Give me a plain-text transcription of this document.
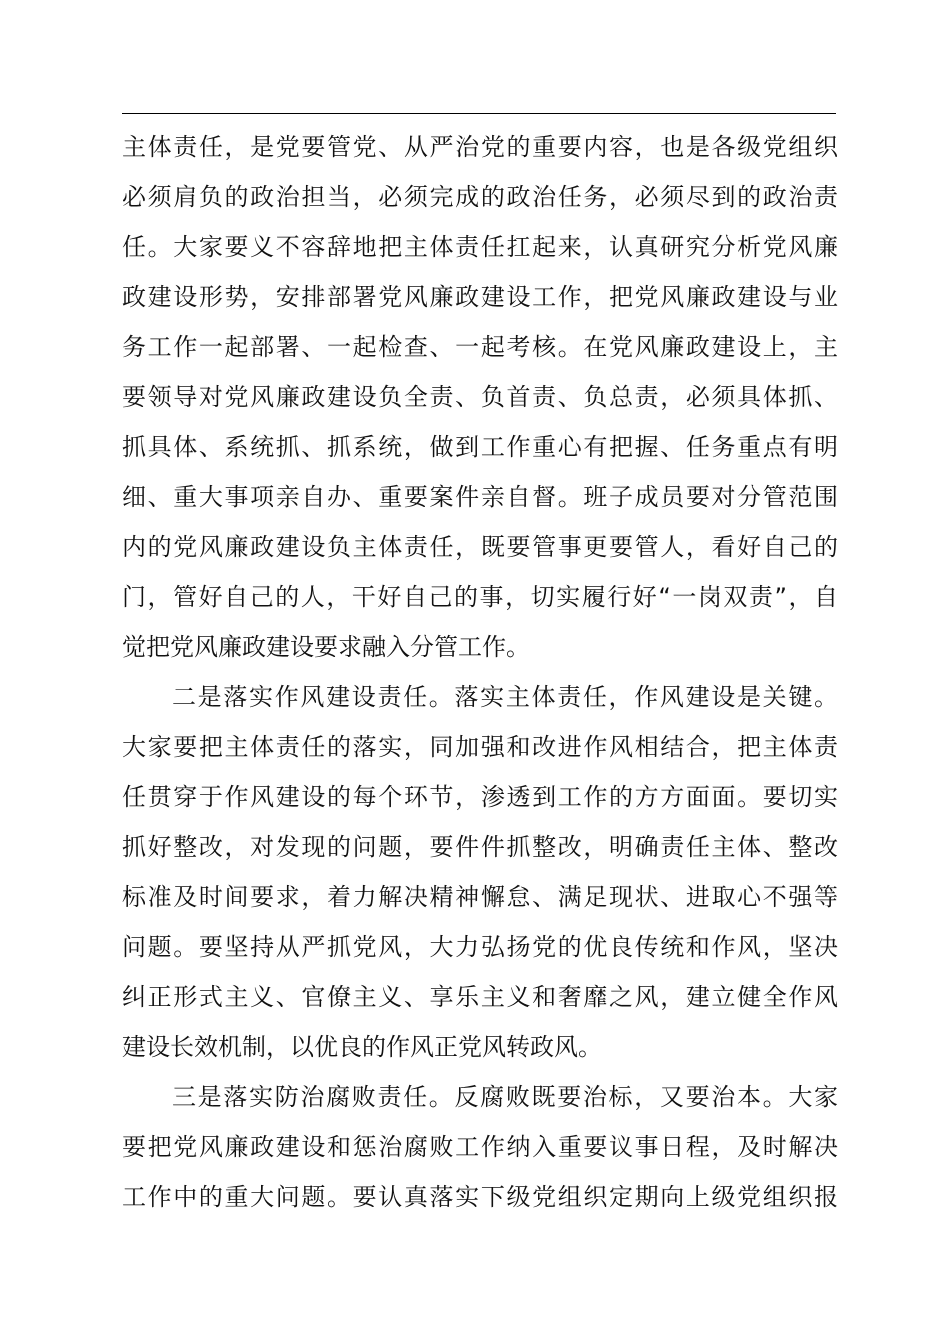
主体责任，是党要管党、从严治党的重要内容，也是各级党组织
必须肩负的政治担当，必须完成的政治任务，必须尽到的政治责
任。大家要义不容辞地把主体责任扛起来，认真研究分析党风廉
政建设形势，安排部署党风廉政建设工作，把党风廉政建设与业
务工作一起部署、一起检查、一起考核。在党风廉政建设上，主
要领导对党风廉政建设负全责、负首责、负总责，必须具体抓、
抓具体、系统抓、抓系统，做到工作重心有把握、任务重点有明
细、重大事项亲自办、重要案件亲自督。班子成员要对分管范围
内的党风廉政建设负主体责任，既要管事更要管人，看好自己的
门，管好自己的人，干好自己的事，切实履行好“一岗双责”，自
觉把党风廉政建设要求融入分管工作。
二是落实作风建设责任。落实主体责任，作风建设是关键。
大家要把主体责任的落实，同加强和改进作风相结合，把主体责
任贯穿于作风建设的每个环节，渗透到工作的方方面面。要切实
抓好整改，对发现的问题，要件件抓整改，明确责任主体、整改
标准及时间要求，着力解决精神懈怠、满足现状、进取心不强等
问题。要坚持从严抓党风，大力弘扬党的优良传统和作风，坚决
纠正形式主义、官僚主义、享乐主义和奢靡之风，建立健全作风
建设长效机制，以优良的作风正党风转政风。
三是落实防治腐败责任。反腐败既要治标，又要治本。大家
要把党风廉政建设和惩治腐败工作纳入重要议事日程，及时解决
工作中的重大问题。要认真落实下级党组织定期向上级党组织报
